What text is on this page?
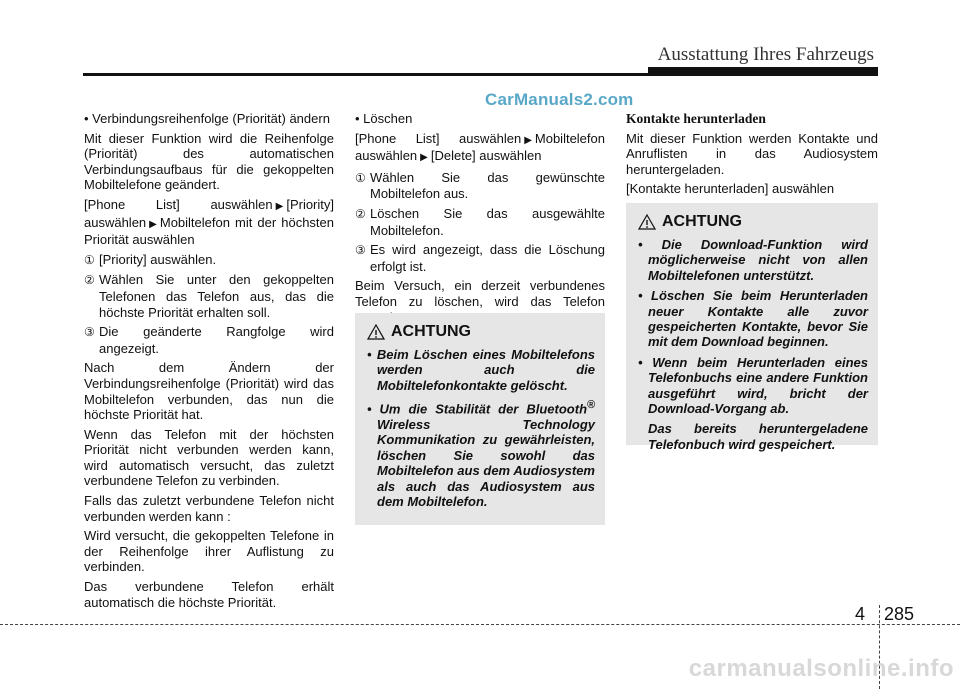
Ausstattung Ihres Fahrzeugs
CarManuals2.com

• Verbindungsreihenfolge (Priorität) ändern

Mit dieser Funktion wird die Reihenfolge (Priorität) des automatischen Verbindungsaufbaus für die gekoppelten Mobiltelefone geändert.

[Phone List] auswählen ▶ [Priority] auswählen ▶ Mobiltelefon mit der höchsten Priorität auswählen

① [Priority] auswählen.

② Wählen Sie unter den gekoppelten Telefonen das Telefon aus, das die höchste Priorität erhalten soll.

③ Die geänderte Rangfolge wird angezeigt.

Nach dem Ändern der Verbindungsreihenfolge (Priorität) wird das Mobiltelefon verbunden, das nun die höchste Priorität hat.

Wenn das Telefon mit der höchsten Priorität nicht verbunden werden kann, wird automatisch versucht, das zuletzt verbundene Telefon zu verbinden.

Falls das zuletzt verbundene Telefon nicht verbunden werden kann :

Wird versucht, die gekoppelten Telefone in der Reihenfolge ihrer Auflistung zu verbinden.

Das verbundene Telefon erhält automatisch die höchste Priorität.

• Löschen

[Phone List] auswählen ▶ Mobiltelefon auswählen ▶ [Delete] auswählen

① Wählen Sie das gewünschte Mobiltelefon aus.

② Löschen Sie das ausgewählte Mobiltelefon.

③ Es wird angezeigt, dass die Löschung erfolgt ist.

Beim Versuch, ein derzeit verbundenes Telefon zu löschen, wird das Telefon

ACHTUNG

• Beim Löschen eines Mobiltelefons werden auch die Mobiltelefonkontakte gelöscht.

• Um die Stabilität der Bluetooth® Wireless Technology Kommunikation zu gewährleisten, löschen Sie sowohl das Mobiltelefon aus dem Audiosystem als auch das Audiosystem aus dem Mobiltelefon.

Kontakte herunterladen

Mit dieser Funktion werden Kontakte und Anruflisten in das Audiosystem heruntergeladen.

[Kontakte herunterladen] auswählen

ACHTUNG

• Die Download-Funktion wird möglicherweise nicht von allen Mobiltelefonen unterstützt.

• Löschen Sie beim Herunterladen neuer Kontakte alle zuvor gespeicherten Kontakte, bevor Sie mit dem Download beginnen.

• Wenn beim Herunterladen eines Telefonbuchs eine andere Funktion ausgeführt wird, bricht der Download-Vorgang ab.

Das bereits heruntergeladene Telefonbuch wird gespeichert.

4 285
carmanualsonline.info
